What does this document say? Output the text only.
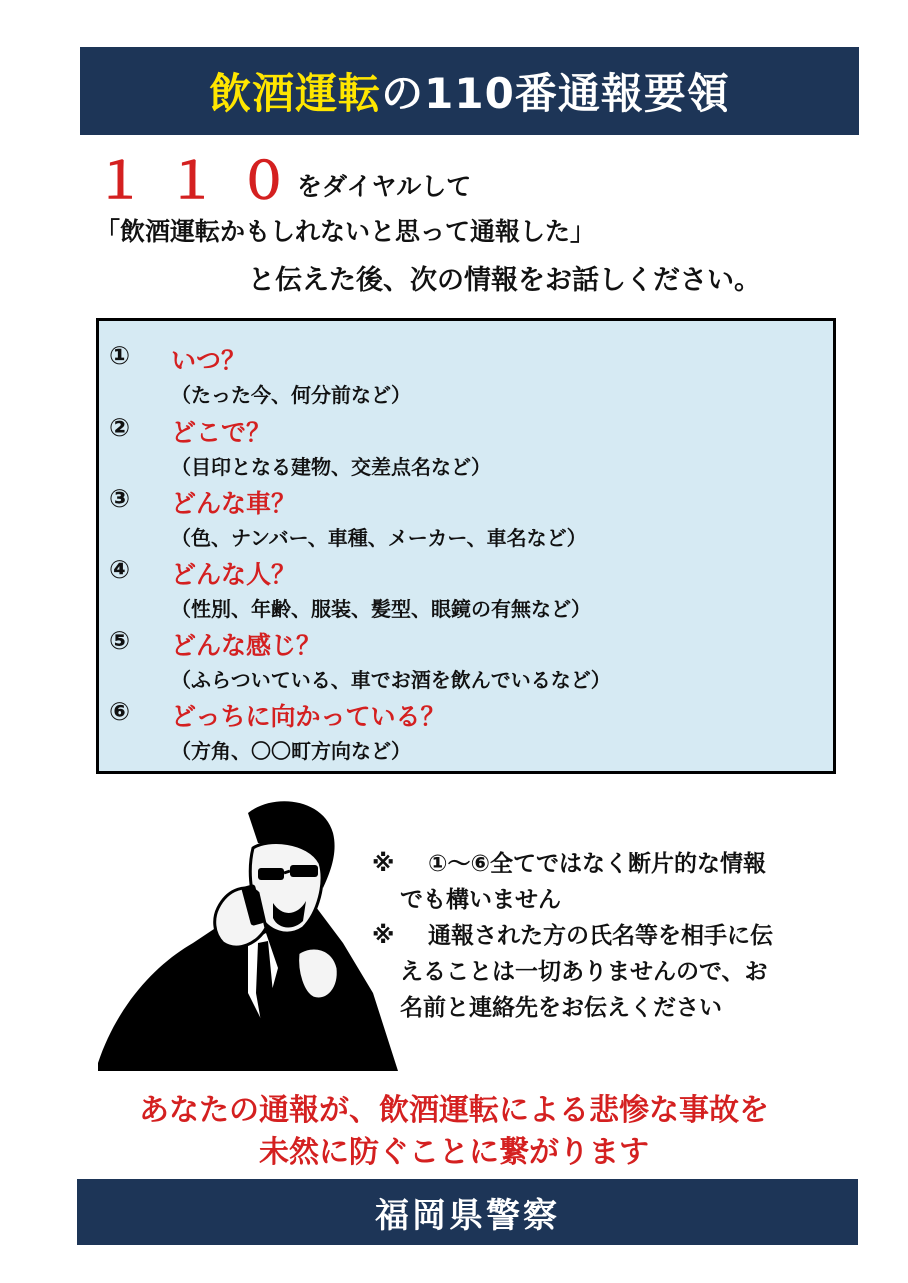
飲酒運転 の110番通報要領
１１０
をダイヤルして
「飲酒運転かもしれないと思って通報した」
と伝えた後、次の情報をお話しください。
① いつ？
（たった今、何分前など）
② どこで？
（目印となる建物、交差点名など）
③ どんな車？
（色、ナンバー、車種、メーカー、車名など）
④ どんな人？
（性別、年齢、服装、髪型、眼鏡の有無など）
⑤ どんな感じ？
（ふらついている、車でお酒を飲んでいるなど）
⑥ どっちに向かっている？
（方角、〇〇町方向など）
※	①～⑥全てではなく断片的な情報
でも構いません
※	通報された方の氏名等を相手に伝
えることは一切ありませんので、お
名前と連絡先をお伝えください
あなたの通報が、飲酒運転による悲惨な事故を
未然に防ぐことに繋がります
福岡県警察
